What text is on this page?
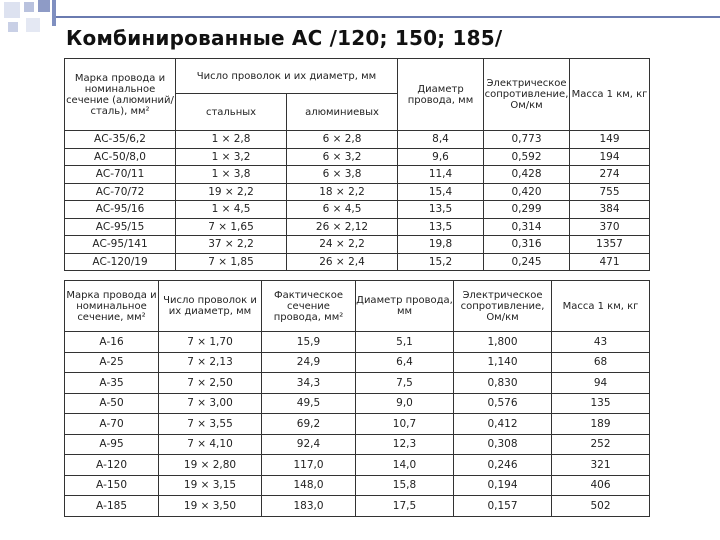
Комбинированные АС /120; 150; 185/
Марка провода и номинальное сечение (алюминий/сталь), мм²	Число проволок и их диаметр, мм		Диаметр провода, мм	Электрическое сопротивление, Ом/км	Масса 1 км, кг
	стальных	алюминиевых			
АС-35/6,2	1 × 2,8	6 × 2,8	8,4	0,773	149
АС-50/8,0	1 × 3,2	6 × 3,2	9,6	0,592	194
АС-70/11	1 × 3,8	6 × 3,8	11,4	0,428	274
АС-70/72	19 × 2,2	18 × 2,2	15,4	0,420	755
АС-95/16	1 × 4,5	6 × 4,5	13,5	0,299	384
АС-95/15	7 × 1,65	26 × 2,12	13,5	0,314	370
АС-95/141	37 × 2,2	24 × 2,2	19,8	0,316	1357
АС-120/19	7 × 1,85	26 × 2,4	15,2	0,245	471
Марка провода и номинальное сечение, мм²	Число проволок и их диаметр, мм	Фактическое сечение провода, мм²	Диаметр провода, мм	Электрическое сопротивление, Ом/км	Масса 1 км, кг
А-16	7 × 1,70	15,9	5,1	1,800	43
А-25	7 × 2,13	24,9	6,4	1,140	68
А-35	7 × 2,50	34,3	7,5	0,830	94
А-50	7 × 3,00	49,5	9,0	0,576	135
А-70	7 × 3,55	69,2	10,7	0,412	189
А-95	7 × 4,10	92,4	12,3	0,308	252
А-120	19 × 2,80	117,0	14,0	0,246	321
А-150	19 × 3,15	148,0	15,8	0,194	406
А-185	19 × 3,50	183,0	17,5	0,157	502
